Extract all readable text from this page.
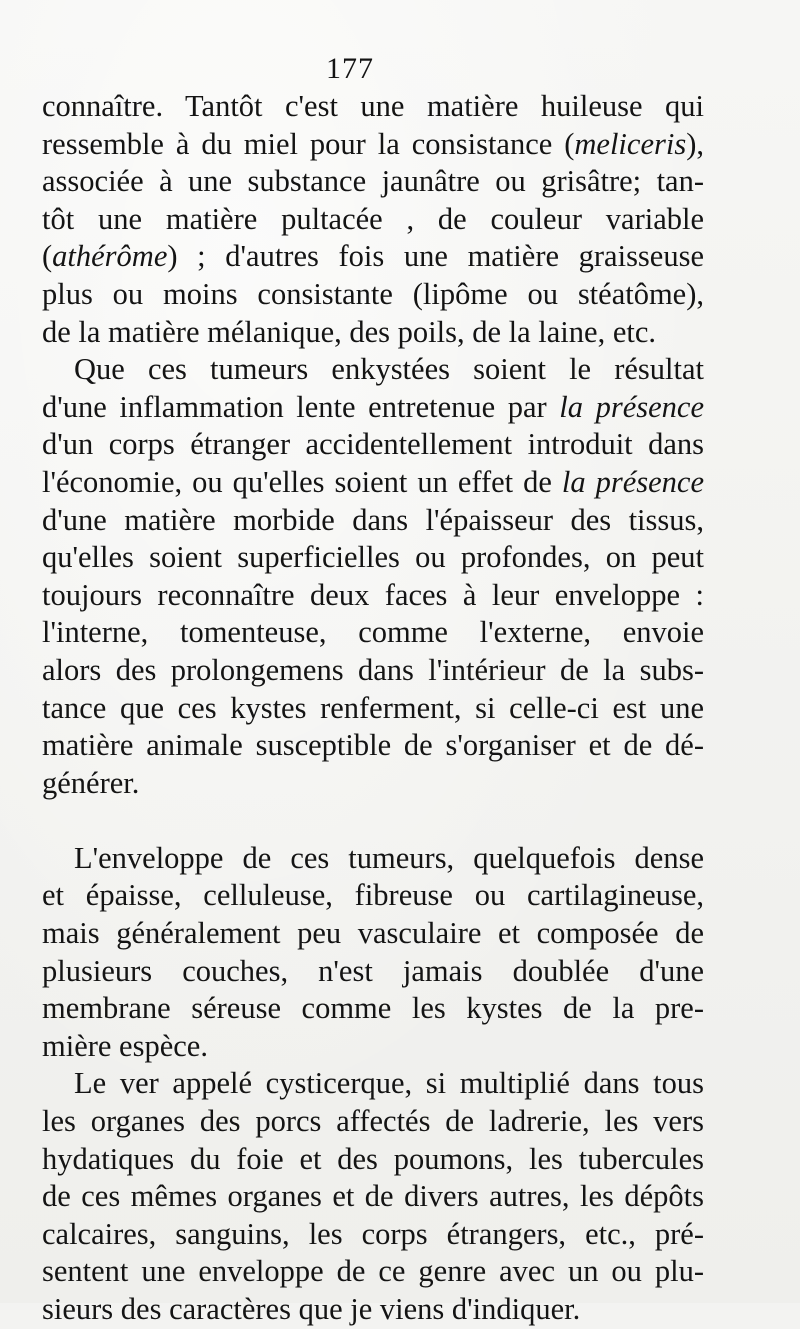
177
connaître. Tantôt c'est une matière huileuse qui
ressemble à du miel pour la consistance (meliceris),
associée à une substance jaunâtre ou grisâtre; tan-
tôt une matière pultacée , de couleur variable
(athérôme) ; d'autres fois une matière graisseuse
plus ou moins consistante (lipôme ou stéatôme),
de la matière mélanique, des poils, de la laine, etc.
Que ces tumeurs enkystées soient le résultat
d'une inflammation lente entretenue par la présence
d'un corps étranger accidentellement introduit dans
l'économie, ou qu'elles soient un effet de la présence
d'une matière morbide dans l'épaisseur des tissus,
qu'elles soient superficielles ou profondes, on peut
toujours reconnaître deux faces à leur enveloppe :
l'interne, tomenteuse, comme l'externe, envoie
alors des prolongemens dans l'intérieur de la subs-
tance que ces kystes renferment, si celle-ci est une
matière animale susceptible de s'organiser et de dé-
générer.
L'enveloppe de ces tumeurs, quelquefois dense
et épaisse, celluleuse, fibreuse ou cartilagineuse,
mais généralement peu vasculaire et composée de
plusieurs couches, n'est jamais doublée d'une
membrane séreuse comme les kystes de la pre-
mière espèce.
Le ver appelé cysticerque, si multiplié dans tous
les organes des porcs affectés de ladrerie, les vers
hydatiques du foie et des poumons, les tubercules
de ces mêmes organes et de divers autres, les dépôts
calcaires, sanguins, les corps étrangers, etc., pré-
sentent une enveloppe de ce genre avec un ou plu-
sieurs des caractères que je viens d'indiquer.
